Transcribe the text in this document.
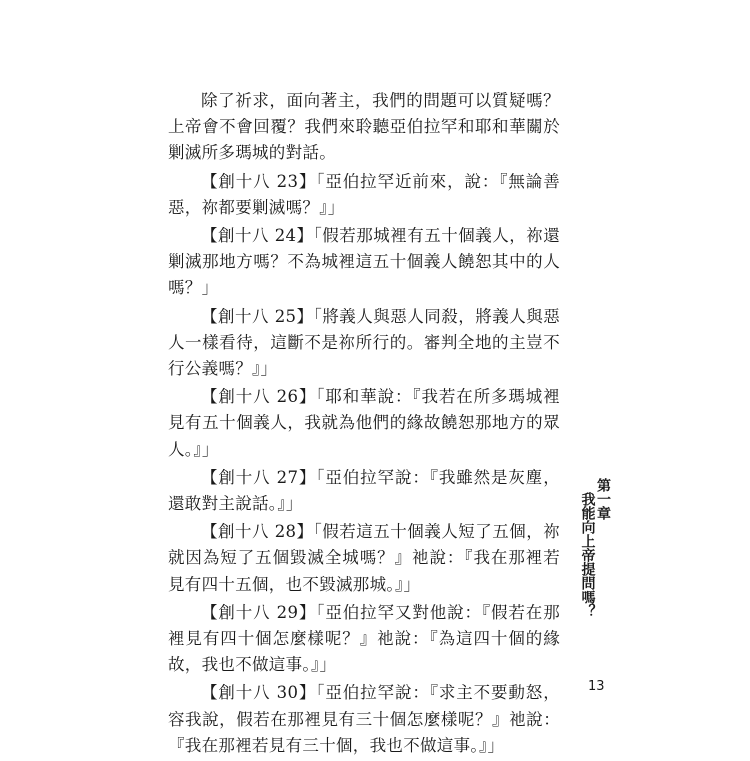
除了祈求，面向著主，我們的問題可以質疑嗎？上帝會不會回覆？我們來聆聽亞伯拉罕和耶和華關於剿滅所多瑪城的對話。

【創十八 23】「亞伯拉罕近前來，說：『無論善惡，祢都要剿滅嗎？』」

【創十八 24】「假若那城裡有五十個義人，祢還剿滅那地方嗎？不為城裡這五十個義人饒恕其中的人嗎？」

【創十八 25】「將義人與惡人同殺，將義人與惡人一樣看待，這斷不是祢所行的。審判全地的主豈不行公義嗎？』」

【創十八 26】「耶和華說：『我若在所多瑪城裡見有五十個義人，我就為他們的緣故饒恕那地方的眾人。』」

【創十八 27】「亞伯拉罕說：『我雖然是灰塵，還敢對主說話。』」

【創十八 28】「假若這五十個義人短了五個，祢就因為短了五個毀滅全城嗎？』祂說：『我在那裡若見有四十五個，也不毀滅那城。』」

【創十八 29】「亞伯拉罕又對他說：『假若在那裡見有四十個怎麼樣呢？』祂說：『為這四十個的緣故，我也不做這事。』」

【創十八 30】「亞伯拉罕說：『求主不要動怒，容我說，假若在那裡見有三十個怎麼樣呢？』祂說：『我在那裡若見有三十個，我也不做這事。』」

第一章
我能向上帝提問嗎？
13
